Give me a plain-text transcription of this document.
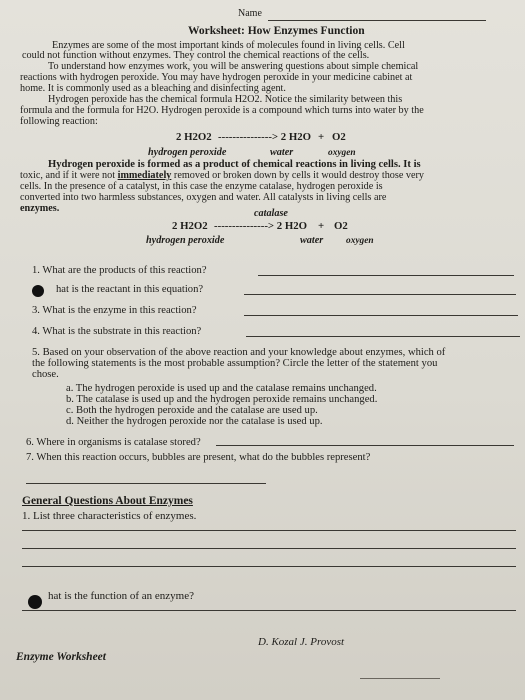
Name
Worksheet: How Enzymes Function
Enzymes are some of the most important kinds of molecules found in living cells. Cell
could not function without enzymes. They control the chemical reactions of the cells.
To understand how enzymes work, you will be answering questions about simple chemical
reactions with hydrogen peroxide. You may have hydrogen peroxide in your medicine cabinet at
home. It is commonly used as a bleaching and disinfecting agent.
Hydrogen peroxide has the chemical formula H2O2. Notice the similarity between this
formula and the formula for H2O. Hydrogen peroxide is a compound which turns into water by the
following reaction:
2 H2O2 ---------------> 2 H2O + O2
hydrogen peroxide	water	oxygen
Hydrogen peroxide is formed as a product of chemical reactions in living cells. It is
toxic, and if it were not immediately removed or broken down by cells it would destroy those very
cells. In the presence of a catalyst, in this case the enzyme catalase, hydrogen peroxide is
converted into two harmless substances, oxygen and water. All catalysts in living cells are
enzymes.	catalase
2 H2O2 ---------------> 2 H2O + O2
hydrogen peroxide	water oxygen
1. What are the products of this reaction?
hat is the reactant in this equation?
3. What is the enzyme in this reaction?
4. What is the substrate in this reaction?
5. Based on your observation of the above reaction and your knowledge about enzymes, which of
the following statements is the most probable assumption? Circle the letter of the statement you
chose.
a. The hydrogen peroxide is used up and the catalase remains unchanged.
b. The catalase is used up and the hydrogen peroxide remains unchanged.
c. Both the hydrogen peroxide and the catalase are used up.
d. Neither the hydrogen peroxide nor the catalase is used up.
6. Where in organisms is catalase stored?
7. When this reaction occurs, bubbles are present, what do the bubbles represent?
General Questions About Enzymes
1. List three characteristics of enzymes.
hat is the function of an enzyme?
Enzyme Worksheet
D. Kozal J. Provost
